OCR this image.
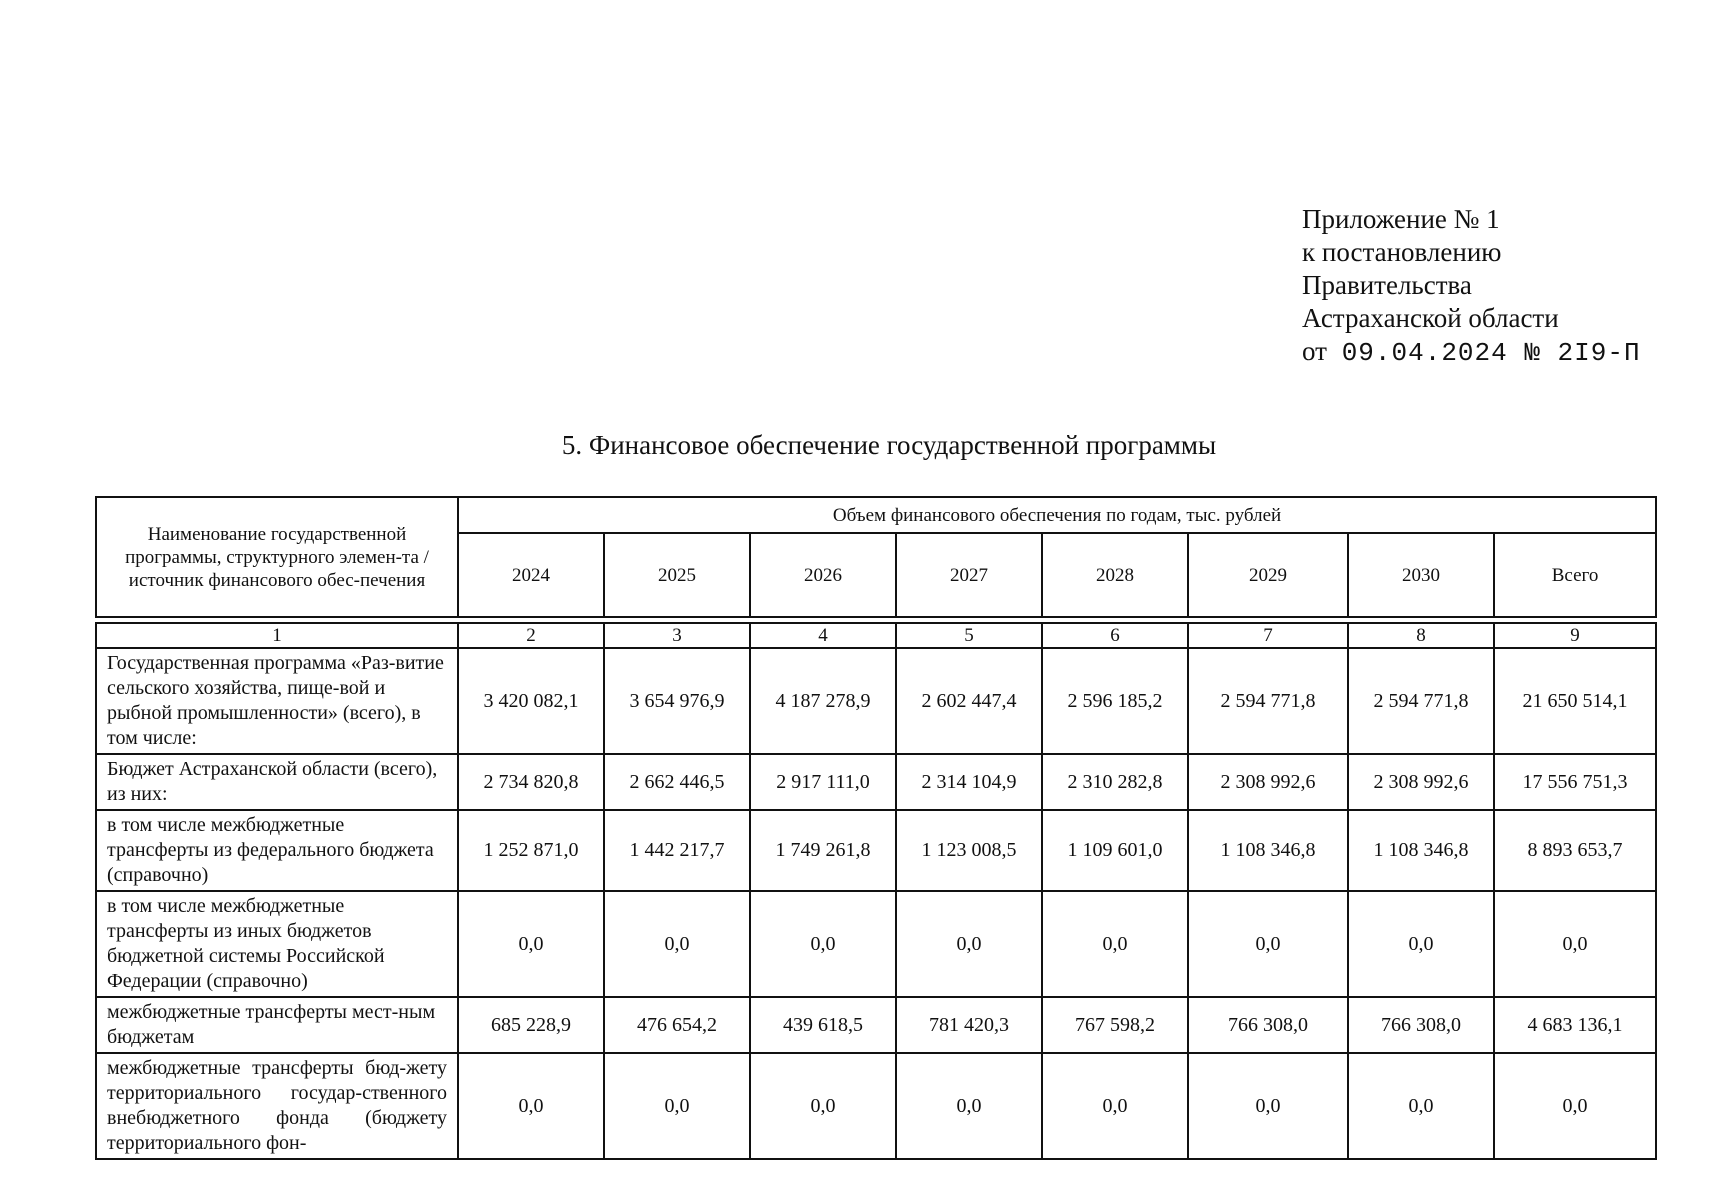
Приложение № 1
к постановлению
Правительства
Астраханской области
от 09.04.2024 № 2I9-П
5. Финансовое обеспечение государственной программы
Наименование государственной программы, структурного элемен-та / источник финансового обес-печения	Объем финансового обеспечения по годам, тыс. рублей							
	2024	2025	2026	2027	2028	2029	2030	Всего

1	2	3	4	5	6	7	8	9
Государственная программа «Раз-витие сельского хозяйства, пище-вой и рыбной промышленности» (всего), в том числе:	3 420 082,1	3 654 976,9	4 187 278,9	2 602 447,4	2 596 185,2	2 594 771,8	2 594 771,8	21 650 514,1
Бюджет Астраханской области (всего), из них:	2 734 820,8	2 662 446,5	2 917 111,0	2 314 104,9	2 310 282,8	2 308 992,6	2 308 992,6	17 556 751,3
в том числе межбюджетные трансферты из федерального бюджета (справочно)	1 252 871,0	1 442 217,7	1 749 261,8	1 123 008,5	1 109 601,0	1 108 346,8	1 108 346,8	8 893 653,7
в том числе межбюджетные трансферты из иных бюджетов бюджетной системы Российской Федерации (справочно)	0,0	0,0	0,0	0,0	0,0	0,0	0,0	0,0
межбюджетные трансферты мест-ным бюджетам	685 228,9	476 654,2	439 618,5	781 420,3	767 598,2	766 308,0	766 308,0	4 683 136,1
межбюджетные трансферты бюд-жету территориального государ-ственного внебюджетного фонда (бюджету территориального фон-	0,0	0,0	0,0	0,0	0,0	0,0	0,0	0,0
